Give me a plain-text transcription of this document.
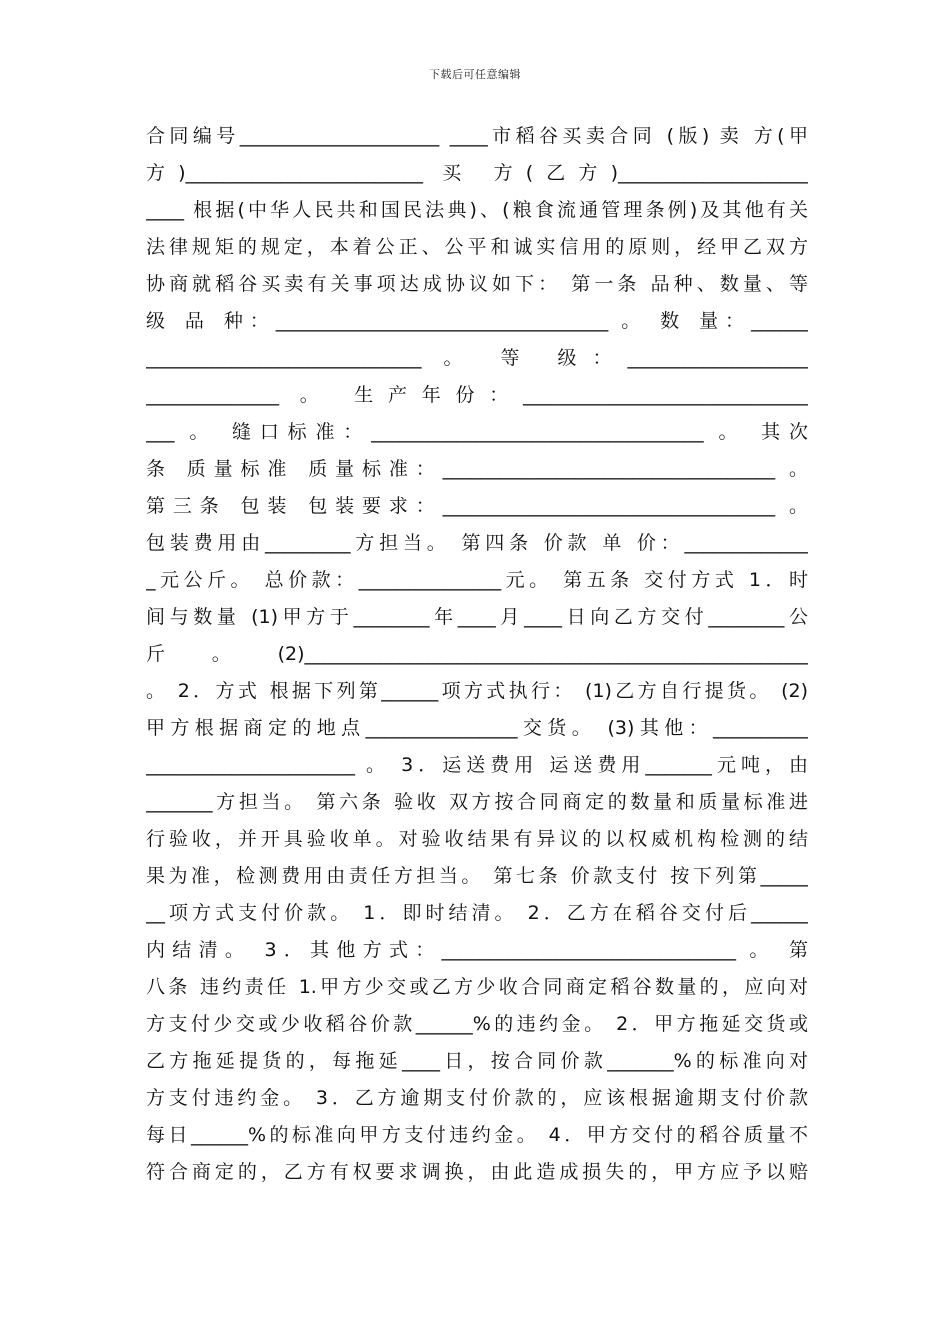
下载后可任意编辑
合同编号_____________________ ____市稻谷买卖合同 (版) 卖 方(甲
方)_________________________ 买 方(乙方)____________________
____ 根据(中华人民共和国民法典)、(粮食流通管理条例)及其他有关
法律规矩的规定，本着公正、公平和诚实信用的原则，经甲乙双方
协商就稻谷买卖有关事项达成协议如下： 第一条 品种、数量、等
级 品 种：___________________________________ 。 数 量：______
_____________________________ 。 等 级：___________________
______________ 。 生产年份：______________________________
___ 。 缝口标准：___________________________________ 。 其次
条 质量标准 质量标准：___________________________________ 。
第三条 包装 包装要求：___________________________________ 。
包装费用由_________方担当。 第四条 价款 单 价：_____________
_元公斤。 总价款：_______________元。 第五条 交付方式 1．时
间与数量 (1)甲方于________年____月____日向乙方交付________公
斤 。 (2)_____________________________________________________
。 2．方式 根据下列第______项方式执行： (1)乙方自行提货。 (2)
甲方根据商定的地点________________交货。 (3)其他：__________
______________________ 。 3．运送费用 运送费用_______元吨，由
_______方担当。 第六条 验收 双方按合同商定的数量和质量标准进
行验收，并开具验收单。对验收结果有异议的以权威机构检测的结
果为准，检测费用由责任方担当。 第七条 价款支付 按下列第_____
__项方式支付价款。 1．即时结清。 2．乙方在稻谷交付后______
内结清。 3．其他方式：_______________________________ 。 第
八条 违约责任 1.甲方少交或乙方少收合同商定稻谷数量的，应向对
方支付少交或少收稻谷价款______%的违约金。 2．甲方拖延交货或
乙方拖延提货的，每拖延____日，按合同价款_______%的标准向对
方支付违约金。 3．乙方逾期支付价款的，应该根据逾期支付价款
每日______%的标准向甲方支付违约金。 4．甲方交付的稻谷质量不
符合商定的，乙方有权要求调换，由此造成损失的，甲方应予以赔
